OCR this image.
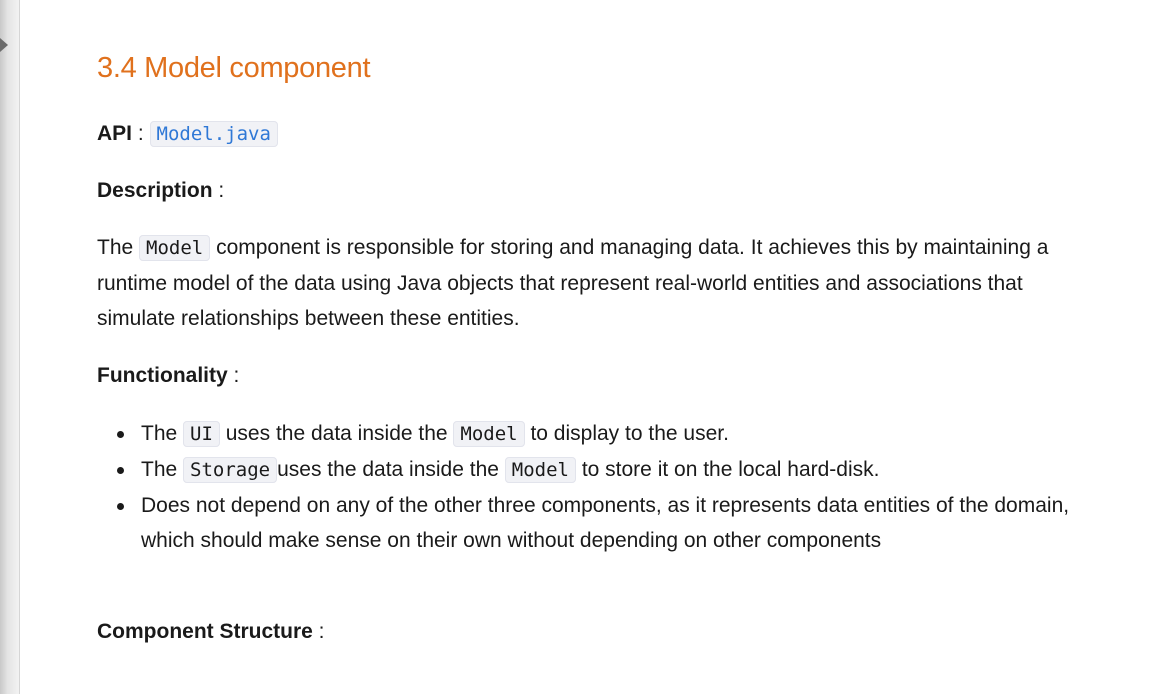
3.4 Model component
API : Model.java
Description :

The Model component is responsible for storing and managing data. It achieves this by maintaining a runtime model of the data using Java objects that represent real-world entities and associations that simulate relationships between these entities.

Functionality :
The UI uses the data inside the Model to display to the user.
The Storage uses the data inside the Model to store it on the local hard-disk.
Does not depend on any of the other three components, as it represents data entities of the domain, which should make sense on their own without depending on other components
Component Structure :
